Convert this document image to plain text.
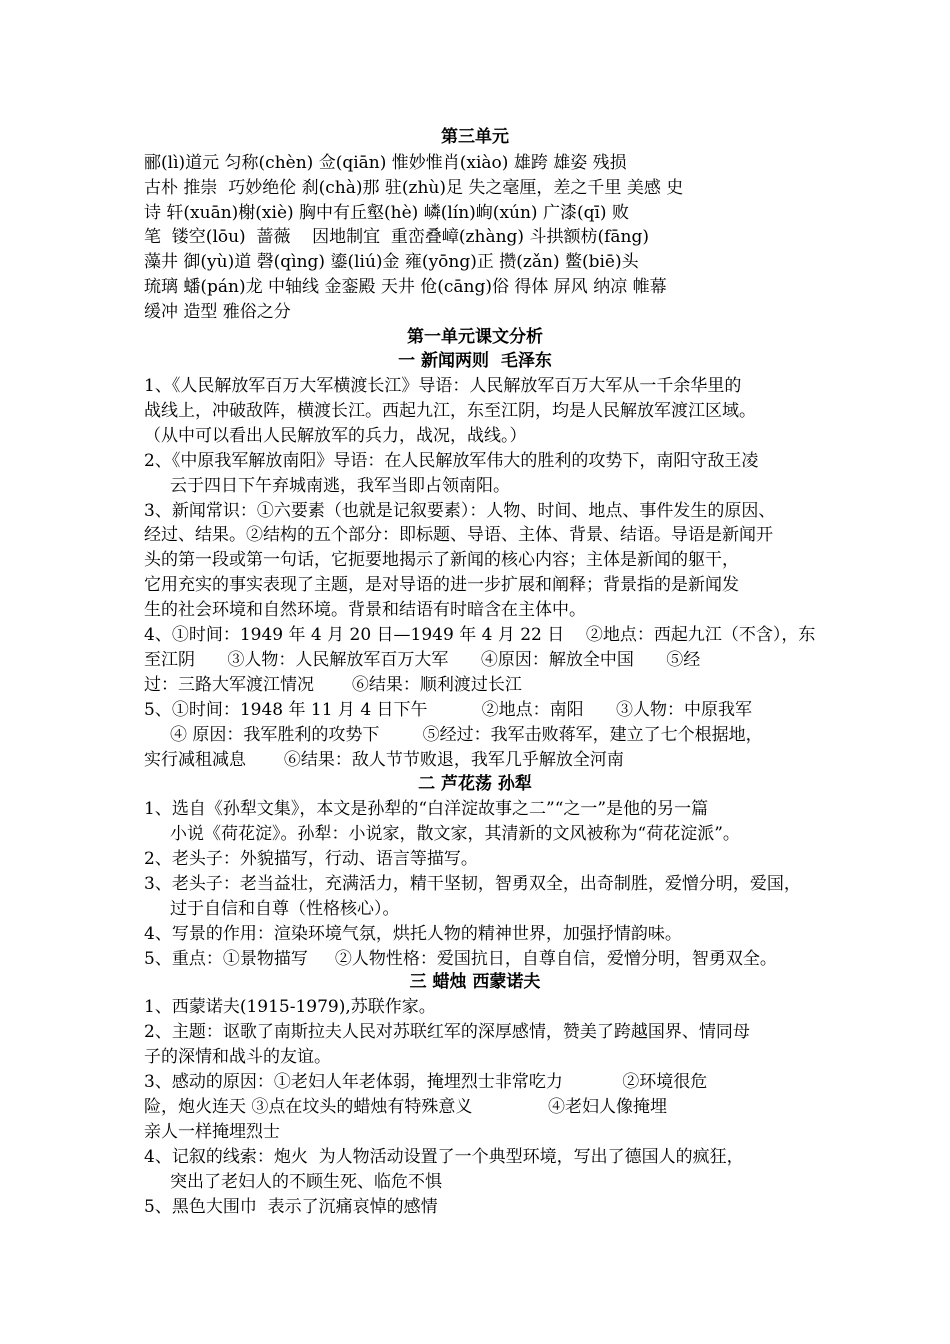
第三单元
郦(lì)道元 匀称(chèn) 佥(qiān) 惟妙惟肖(xiào) 雄跨 雄姿 残损
古朴 推崇  巧妙绝伦 刹(chà)那 驻(zhù)足 失之毫厘，差之千里 美感 史
诗 轩(xuān)榭(xiè) 胸中有丘壑(hè) 嶙(lín)峋(xún) 广漆(qī) 败
笔  镂空(lōu)  蔷薇    因地制宜  重峦叠嶂(zhàng) 斗拱额枋(fāng)
藻井 御(yù)道 磬(qìng) 鎏(liú)金 雍(yōng)正 攒(zǎn) 鳖(biē)头
琉璃 蟠(pán)龙 中轴线 金銮殿 天井 伧(cāng)俗 得体 屏风 纳凉 帷幕
缓冲 造型 雅俗之分
第一单元课文分析
一 新闻两则  毛泽东
1、《人民解放军百万大军横渡长江》导语：人民解放军百万大军从一千余华里的
战线上，冲破敌阵，横渡长江。西起九江，东至江阴，均是人民解放军渡江区域。
（从中可以看出人民解放军的兵力，战况，战线。）
2、《中原我军解放南阳》导语：在人民解放军伟大的胜利的攻势下，南阳守敌王凌
云于四日下午弃城南逃，我军当即占领南阳。
3、新闻常识：①六要素（也就是记叙要素）：人物、时间、地点、事件发生的原因、
经过、结果。②结构的五个部分：即标题、导语、主体、背景、结语。导语是新闻开
头的第一段或第一句话，它扼要地揭示了新闻的核心内容；主体是新闻的躯干，
它用充实的事实表现了主题，是对导语的进一步扩展和阐释；背景指的是新闻发
生的社会环境和自然环境。背景和结语有时暗含在主体中。
4、①时间：1949 年 4 月 20 日—1949 年 4 月 22 日    ②地点：西起九江（不含），东
至江阴      ③人物：人民解放军百万大军      ④原因：解放全中国      ⑤经
过：三路大军渡江情况       ⑥结果：顺利渡过长江
5、①时间：1948 年 11 月 4 日下午          ②地点：南阳      ③人物：中原我军
④ 原因：我军胜利的攻势下        ⑤经过：我军击败蒋军，建立了七个根据地，
实行减租减息       ⑥结果：敌人节节败退，我军几乎解放全河南
二 芦花荡 孙犁
1、选自《孙犁文集》，本文是孙犁的“白洋淀故事之二”“之一”是他的另一篇
小说《荷花淀》。孙犁：小说家，散文家，其清新的文风被称为“荷花淀派”。
2、老头子：外貌描写，行动、语言等描写。
3、老头子：老当益壮，充满活力，精干坚韧，智勇双全，出奇制胜，爱憎分明，爱国，
过于自信和自尊（性格核心）。
4、写景的作用：渲染环境气氛，烘托人物的精神世界，加强抒情韵味。
5、重点：①景物描写     ②人物性格：爱国抗日，自尊自信，爱憎分明，智勇双全。
三 蜡烛 西蒙诺夫
1、西蒙诺夫(1915-1979),苏联作家。
2、主题：讴歌了南斯拉夫人民对苏联红军的深厚感情，赞美了跨越国界、情同母
子的深情和战斗的友谊。
3、感动的原因：①老妇人年老体弱，掩埋烈士非常吃力           ②环境很危
险，炮火连天 ③点在坟头的蜡烛有特殊意义              ④老妇人像掩埋
亲人一样掩埋烈士
4、记叙的线索：炮火  为人物活动设置了一个典型环境，写出了德国人的疯狂，
突出了老妇人的不顾生死、临危不惧
5、黑色大围巾  表示了沉痛哀悼的感情
